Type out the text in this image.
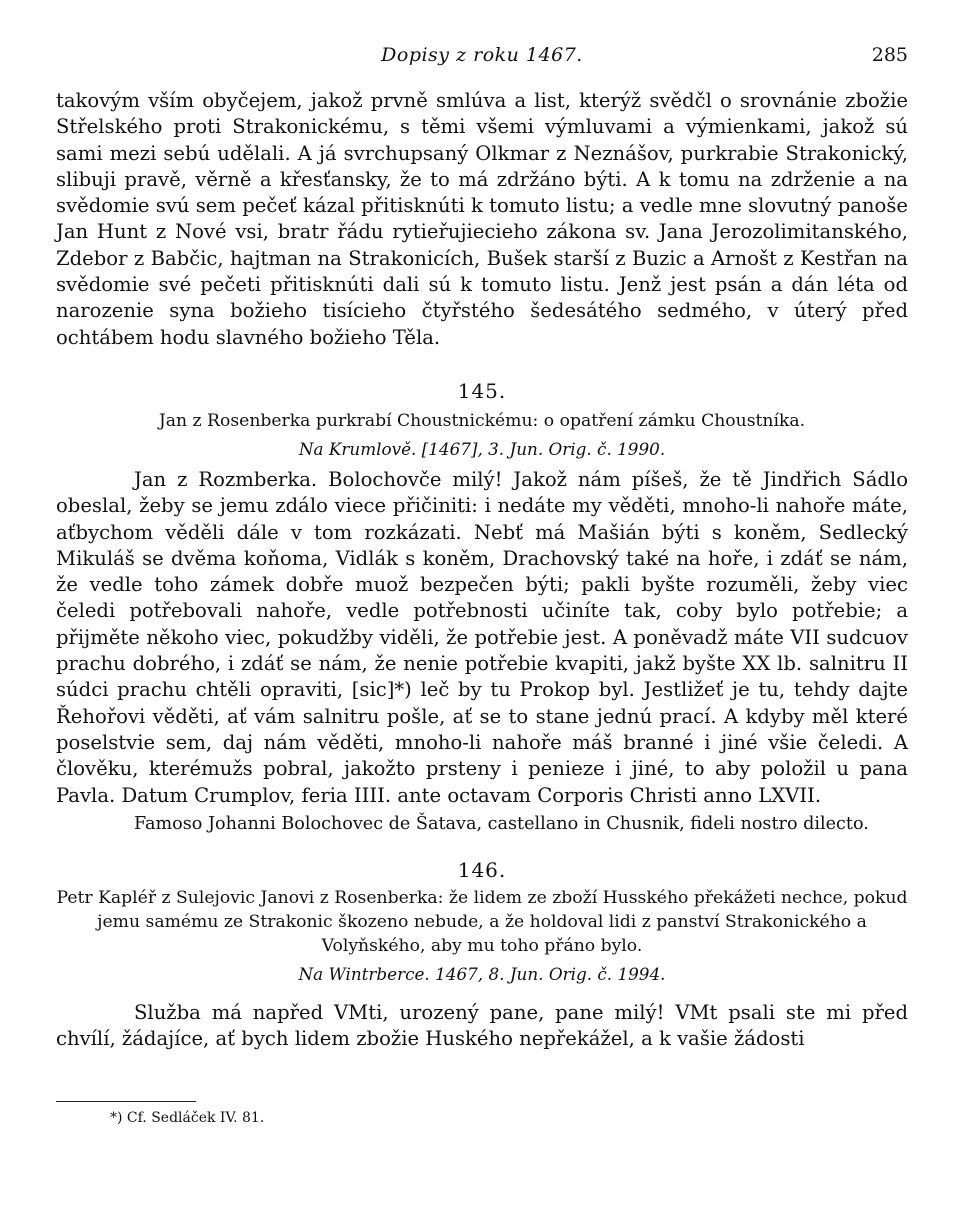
Dopisy z roku 1467.	285

takovým vším obyčejem, jakož prvně smlúva a list, kterýž svědčl o srovnánie zbožie Střelského proti Strakonickému, s těmi všemi výmluvami a výmienkami, jakož sú sami mezi sebú udělali. A já svrchupsaný Olkmar z Neznášov, purkrabie Strakonický, slibuji pravě, věrně a křesťansky, že to má zdržáno býti. A k tomu na zdrženie a na svědomie svú sem pečeť kázal přitisknúti k tomuto listu; a vedle mne slovutný panoše Jan Hunt z Nové vsi, bratr řádu rytieřujiecieho zákona sv. Jana Jerozolimitanského, Zdebor z Babčic, hajtman na Strakonicích, Bušek starší z Buzic a Arnošt z Kestřan na svědomie své pečeti přitisknúti dali sú k tomuto listu. Jenž jest psán a dán léta od narozenie syna božieho tisícieho čtyřstého šedesátého sedmého, v úterý před ochtábem hodu slavného božieho Těla.

145.

Jan z Rosenberka purkrabí Choustnickému: o opatření zámku Choustníka.

Na Krumlově. [1467], 3. Jun. Orig. č. 1990.

Jan z Rozmberka. Bolochovče milý! Jakož nám píšeš, že tě Jindřich Sádlo obeslal, žeby se jemu zdálo viece přičiniti: i nedáte my věděti, mnoho-li nahoře máte, aťbychom věděli dále v tom rozkázati. Nebť má Mašián býti s koněm, Sedlecký Mikuláš se dvěma koňoma, Vidlák s koněm, Drachovský také na hoře, i zdáť se nám, že vedle toho zámek dobře muož bezpečen býti; pakli byšte rozuměli, žeby viec čeledi potřebovali nahoře, vedle potřebnosti učiníte tak, coby bylo potřebie; a přijměte někoho viec, pokudžby viděli, že potřebie jest. A poněvadž máte VII sudcuov prachu dobrého, i zdáť se nám, že nenie potřebie kvapiti, jakž byšte XX lb. salnitru II súdci prachu chtěli opraviti, [sic]*) leč by tu Prokop byl. Jestližeť je tu, tehdy dajte Řehořovi věděti, ať vám salnitru pošle, ať se to stane jednú prací. A kdyby měl které poselstvie sem, daj nám věděti, mnoho-li nahoře máš branné i jiné všie čeledi. A člověku, kterémužs pobral, jakožto prsteny i penieze i jiné, to aby položil u pana Pavla. Datum Crumplov, feria IIII. ante octavam Corporis Christi anno LXVII.

Famoso Johanni Bolochovec de Šatava, castellano in Chusnik, fideli nostro dilecto.

146.

Petr Kapléř z Sulejovic Janovi z Rosenberka: že lidem ze zboží Husského překážeti nechce, pokud jemu samému ze Strakonic škozeno nebude, a že holdoval lidi z panství Strakonického a Volyňského, aby mu toho přáno bylo.

Na Wintrberce. 1467, 8. Jun. Orig. č. 1994.

Služba má napřed VMti, urozený pane, pane milý! VMt psali ste mi před chvílí, žádajíce, ať bych lidem zbožie Huského nepřekážel, a k vašie žádosti

*) Cf. Sedláček IV. 81.
